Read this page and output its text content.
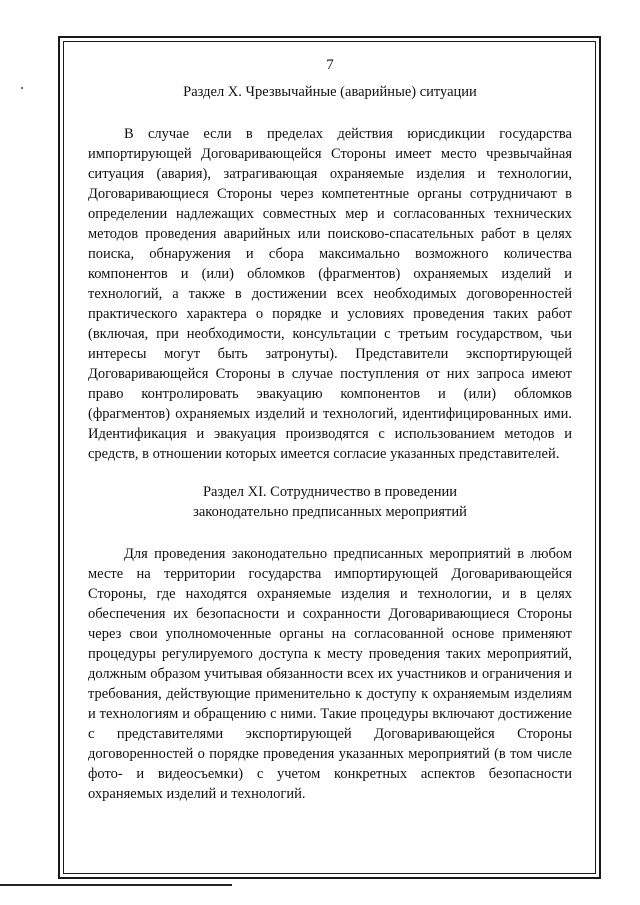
7
Раздел X. Чрезвычайные (аварийные) ситуации

В случае если в пределах действия юрисдикции государства импортирующей Договаривающейся Стороны имеет место чрезвычайная ситуация (авария), затрагивающая охраняемые изделия и технологии, Договаривающиеся Стороны через компетентные органы сотрудничают в определении надлежащих совместных мер и согласованных технических методов проведения аварийных или поисково-спасательных работ в целях поиска, обнаружения и сбора максимально возможного количества компонентов и (или) обломков (фрагментов) охраняемых изделий и технологий, а также в достижении всех необходимых договоренностей практического характера о порядке и условиях проведения таких работ (включая, при необходимости, консультации с третьим государством, чьи интересы могут быть затронуты). Представители экспортирующей Договаривающейся Стороны в случае поступления от них запроса имеют право контролировать эвакуацию компонентов и (или) обломков (фрагментов) охраняемых изделий и технологий, идентифицированных ими. Идентификация и эвакуация производятся с использованием методов и средств, в отношении которых имеется согласие указанных представителей.

Раздел XI. Сотрудничество в проведении
законодательно предписанных мероприятий

Для проведения законодательно предписанных мероприятий в любом месте на территории государства импортирующей Договаривающейся Стороны, где находятся охраняемые изделия и технологии, и в целях обеспечения их безопасности и сохранности Договаривающиеся Стороны через свои уполномоченные органы на согласованной основе применяют процедуры регулируемого доступа к месту проведения таких мероприятий, должным образом учитывая обязанности всех их участников и ограничения и требования, действующие применительно к доступу к охраняемым изделиям и технологиям и обращению с ними. Такие процедуры включают достижение с представителями экспортирующей Договаривающейся Стороны договоренностей о порядке проведения указанных мероприятий (в том числе фото- и видеосъемки) с учетом конкретных аспектов безопасности охраняемых изделий и технологий.
